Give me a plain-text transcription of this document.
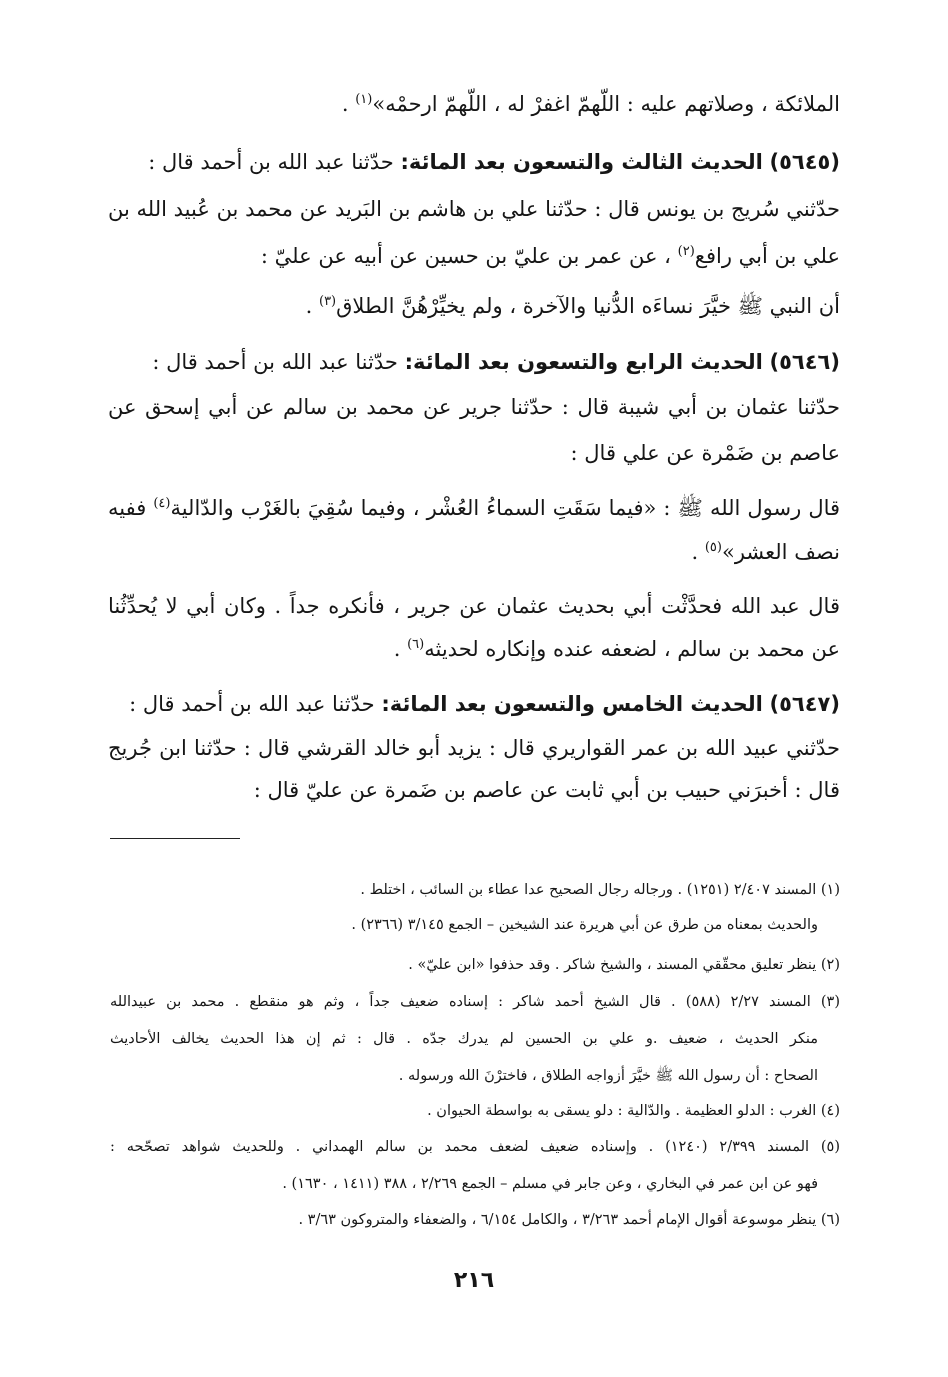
الملائكة ، وصلاتهم عليه : اللّهمّ اغفرْ له ، اللّهمّ ارحمْه»$^{(١)}$ .
(٥٦٤٥) الحديث الثالث والتسعون بعد المائة: حدّثنا عبد الله بن أحمد قال :
حدّثني سُريج بن يونس قال : حدّثنا علي بن هاشم بن البَريد عن محمد بن عُبيد الله بن
علي بن أبي رافع$^{(٢)}$ ، عن عمر بن عليّ بن حسين عن أبيه عن عليّ :
أن النبي ﷺ خيَّرَ نساءَه الدُّنيا والآخرة ، ولم يخيِّرْهُنَّ الطلاق$^{(٣)}$ .
(٥٦٤٦) الحديث الرابع والتسعون بعد المائة: حدّثنا عبد الله بن أحمد قال :
حدّثنا عثمان بن أبي شيبة قال : حدّثنا جرير عن محمد بن سالم عن أبي إسحق عن
عاصم بن ضَمْرة عن علي قال :
قال رسول الله ﷺ : «فيما سَقَتِ السماءُ العُشْر ، وفيما سُقِيَ بالغَرْب والدّالية$^{(٤)}$ ففيه
نصف العشر»$^{(٥)}$ .
قال عبد الله فحدَّثْت أبي بحديث عثمان عن جرير ، فأنكره جداً . وكان أبي لا يُحدِّثُنا
عن محمد بن سالم ، لضعفه عنده وإنكاره لحديثه$^{(٦)}$ .
(٥٦٤٧) الحديث الخامس والتسعون بعد المائة: حدّثنا عبد الله بن أحمد قال :
حدّثني عبيد الله بن عمر القواريري قال : يزيد أبو خالد القرشي قال : حدّثنا ابن جُريج
قال : أخبرَني حبيب بن أبي ثابت عن عاصم بن ضَمرة عن عليّ قال :
(١) المسند ٢/٤٠٧ (١٢٥١) . ورجاله رجال الصحيح عدا عطاء بن السائب ، اختلط .
والحديث بمعناه من طرق عن أبي هريرة عند الشيخين – الجمع ٣/١٤٥ (٢٣٦٦) .
(٢) ينظر تعليق محقّقي المسند ، والشيخ شاكر . وقد حذفوا «ابن عليّ» .
(٣) المسند ٢/٢٧ (٥٨٨) . قال الشيخ أحمد شاكر : إسناده ضعيف جداً ، وثم هو منقطع . محمد بن عبيدالله
منكر الحديث ، ضعيف .و علي بن الحسين لم يدرك جدّه . قال : ثم إن هذا الحديث يخالف الأحاديث
الصحاح : أن رسول الله ﷺ خيَّرَ أزواجه الطلاق ، فاخترْنَ الله ورسوله .
(٤) الغرب : الدلو العظيمة . والدّالية : دلو يسقى به بواسطة الحيوان .
(٥) المسند ٢/٣٩٩ (١٢٤٠) . وإسناده ضعيف لضعف محمد بن سالم الهمداني . وللحديث شواهد تصحّحه :
فهو عن ابن عمر في البخاري ، وعن جابر في مسلم – الجمع ٢/٢٦٩ ، ٣٨٨ (١٤١١ ، ١٦٣٠) .
(٦) ينظر موسوعة أقوال الإمام أحمد ٣/٢٦٣ ، والكامل ٦/١٥٤ ، والضعفاء والمتروكون ٣/٦٣ .
٢١٦
